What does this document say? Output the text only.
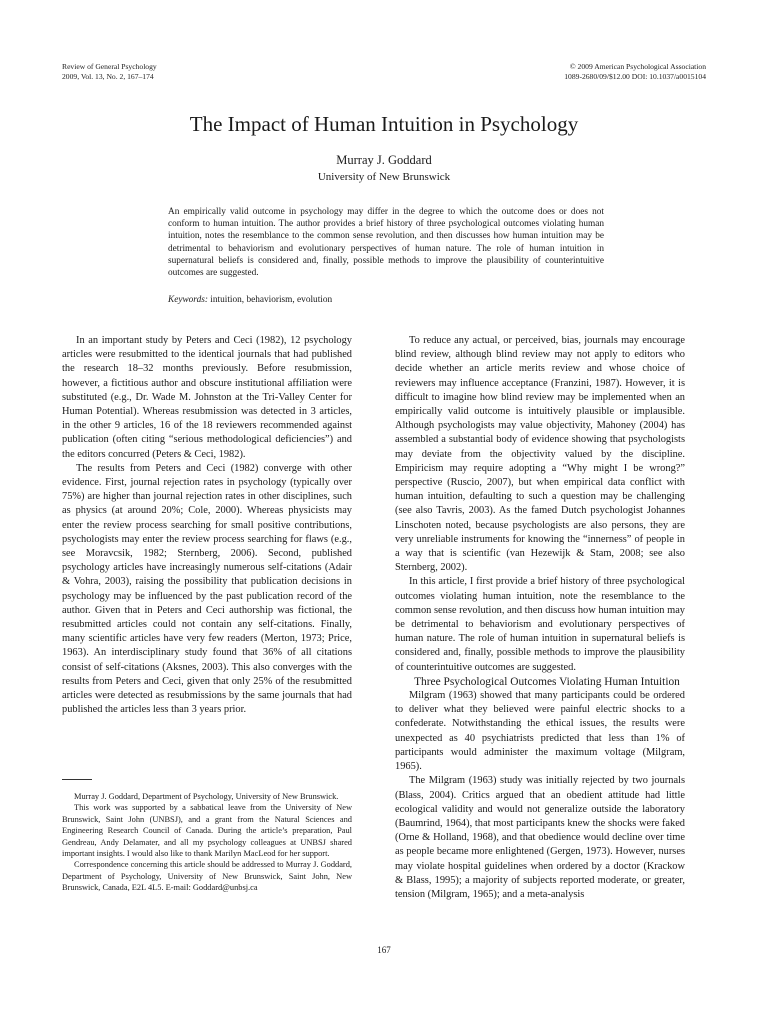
Review of General Psychology
2009, Vol. 13, No. 2, 167–174
© 2009 American Psychological Association
1089-2680/09/$12.00 DOI: 10.1037/a0015104
The Impact of Human Intuition in Psychology
Murray J. Goddard
University of New Brunswick

An empirically valid outcome in psychology may differ in the degree to which the outcome does or does not conform to human intuition. The author provides a brief history of three psychological outcomes violating human intuition, notes the resemblance to the common sense revolution, and then discusses how human intuition may be detrimental to behaviorism and evolutionary perspectives of human nature. The role of human intuition in supernatural beliefs is considered and, finally, possible methods to improve the plausibility of counterintuitive outcomes are suggested.

Keywords: intuition, behaviorism, evolution

In an important study by Peters and Ceci (1982), 12 psychology articles were resubmitted to the identical journals that had published the research 18–32 months previously. Before resubmission, however, a fictitious author and obscure institutional affiliation were substituted (e.g., Dr. Wade M. Johnston at the Tri-Valley Center for Human Potential). Whereas resubmission was detected in 3 articles, in the other 9 articles, 16 of the 18 reviewers recommended against publication (often citing “serious methodological deficiencies”) and the editors concurred (Peters & Ceci, 1982).

The results from Peters and Ceci (1982) converge with other evidence. First, journal rejection rates in psychology (typically over 75%) are higher than journal rejection rates in other disciplines, such as physics (at around 20%; Cole, 2000). Whereas physicists may enter the review process searching for small positive contributions, psychologists may enter the review process searching for flaws (e.g., see Moravcsik, 1982; Sternberg, 2006). Second, published psychology articles have increasingly numerous self-citations (Adair & Vohra, 2003), raising the possibility that publication decisions in psychology may be influenced by the past publication record of the author. Given that in Peters and Ceci authorship was fictional, the resubmitted articles could not contain any self-citations. Finally, many scientific articles have very few readers (Merton, 1973; Price, 1963). An interdisciplinary study found that 36% of all citations consist of self-citations (Aksnes, 2003). This also converges with the results from Peters and Ceci, given that only 25% of the resubmitted articles were detected as resubmissions by the same journals that had published the articles less than 3 years prior.

To reduce any actual, or perceived, bias, journals may encourage blind review, although blind review may not apply to editors who decide whether an article merits review and whose choice of reviewers may influence acceptance (Franzini, 1987). However, it is difficult to imagine how blind review may be implemented when an empirically valid outcome is intuitively plausible or implausible. Although psychologists may value objectivity, Mahoney (2004) has assembled a substantial body of evidence showing that psychologists may deviate from the objectivity valued by the discipline. Empiricism may require adopting a “Why might I be wrong?” perspective (Ruscio, 2007), but when empirical data conflict with human intuition, defaulting to such a question may be challenging (see also Tavris, 2003). As the famed Dutch psychologist Johannes Linschoten noted, because psychologists are also persons, they are very unreliable instruments for knowing the “innerness” of people in a way that is scientific (van Hezewijk & Stam, 2008; see also Sternberg, 2002).

In this article, I first provide a brief history of three psychological outcomes violating human intuition, note the resemblance to the common sense revolution, and then discuss how human intuition may be detrimental to behaviorism and evolutionary perspectives of human nature. The role of human intuition in supernatural beliefs is considered and, finally, possible methods to improve the plausibility of counterintuitive outcomes are suggested.

Three Psychological Outcomes Violating Human Intuition

Milgram (1963) showed that many participants could be ordered to deliver what they believed were painful electric shocks to a confederate. Notwithstanding the ethical issues, the results were unexpected as 40 psychiatrists predicted that less than 1% of participants would administer the maximum voltage (Milgram, 1965).

The Milgram (1963) study was initially rejected by two journals (Blass, 2004). Critics argued that an obedient attitude had little ecological validity and would not generalize outside the laboratory (Baumrind, 1964), that most participants knew the shocks were faked (Orne & Holland, 1968), and that obedience would decline over time as people became more enlightened (Gergen, 1973). However, nurses may violate hospital guidelines when ordered by a doctor (Krackow & Blass, 1995); a majority of subjects reported moderate, or greater, tension (Milgram, 1965); and a meta-analysis

Murray J. Goddard, Department of Psychology, University of New Brunswick.

This work was supported by a sabbatical leave from the University of New Brunswick, Saint John (UNBSJ), and a grant from the Natural Sciences and Engineering Research Council of Canada. During the article’s preparation, Paul Gendreau, Andy Delamater, and all my psychology colleagues at UNBSJ shared important insights. I would also like to thank Marilyn MacLeod for her support.

Correspondence concerning this article should be addressed to Murray J. Goddard, Department of Psychology, University of New Brunswick, Saint John, New Brunswick, Canada, E2L 4L5. E-mail: Goddard@unbsj.ca

167
